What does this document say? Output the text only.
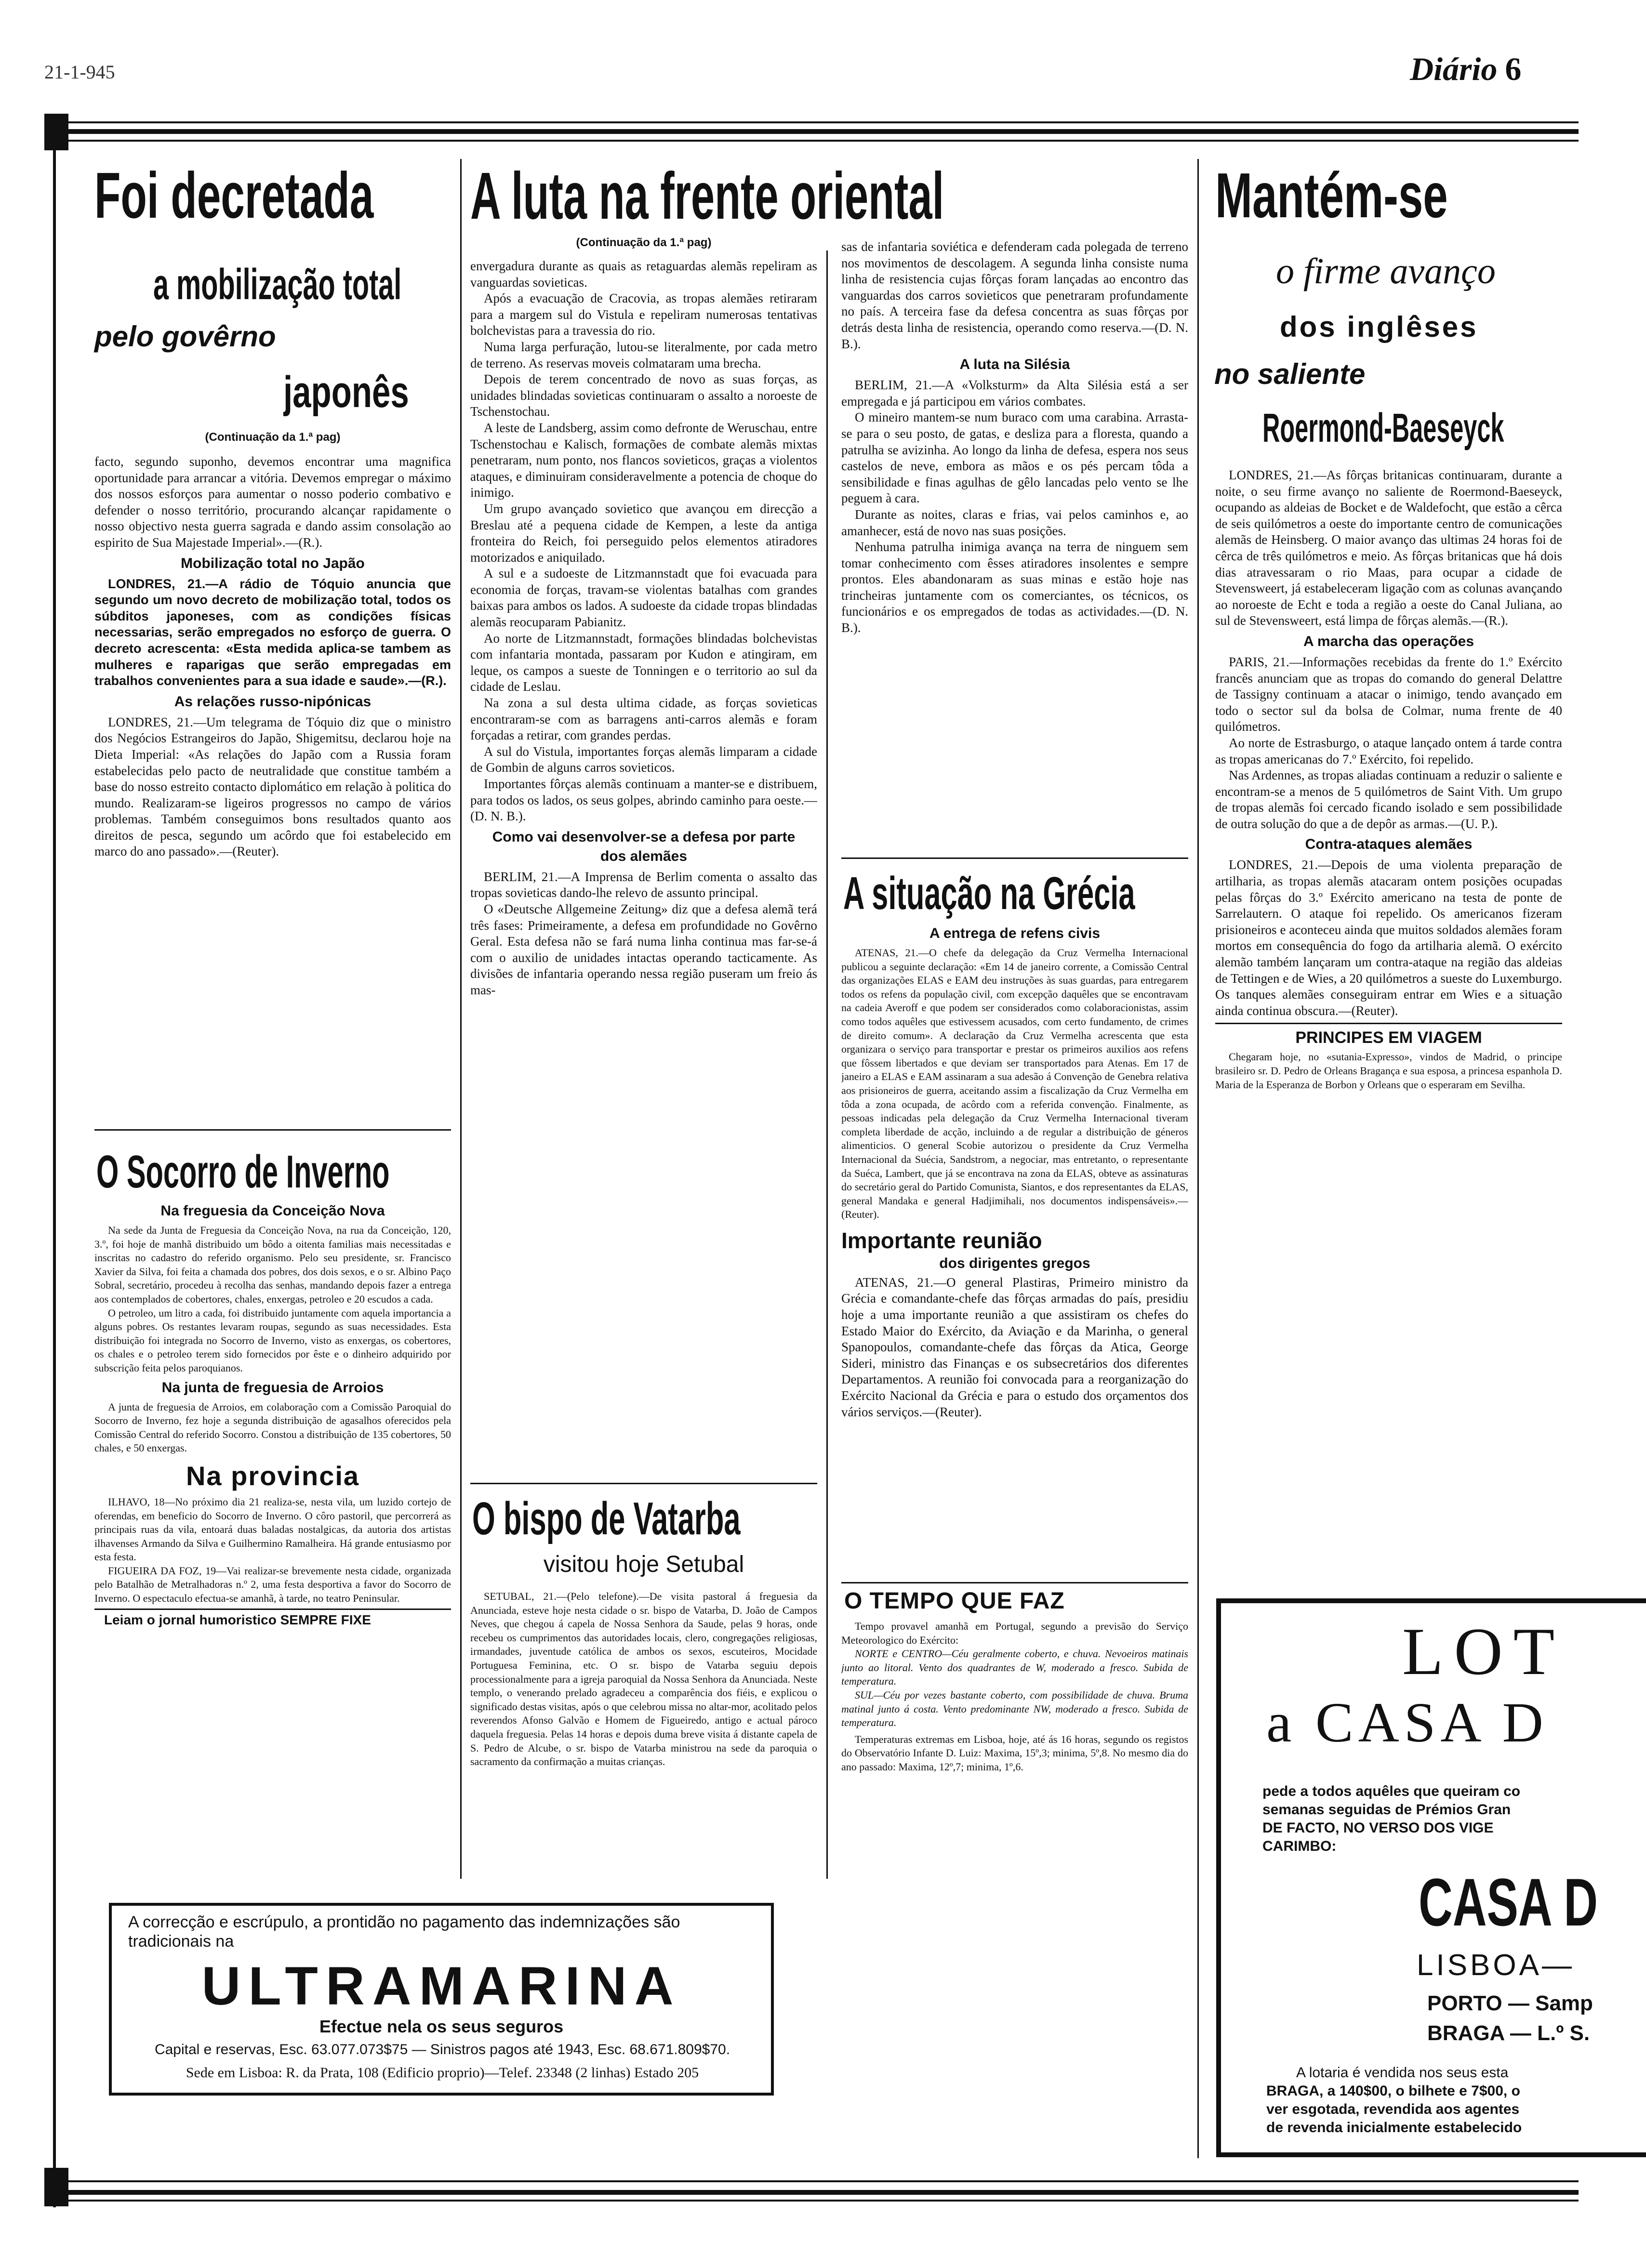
21-1-945	Diário 6
Foi decretada
a mobilização total
pelo govêrno
japonês
(Continuação da 1.ª pag)

facto, segundo suponho, devemos encontrar uma magnifica oportunidade para arrancar a vitória. Devemos empregar o máximo dos nossos esforços para aumentar o nosso poderio combativo e defender o nosso território, procurando alcançar rapidamente o nosso objectivo nesta guerra sagrada e dando assim consolação ao espirito de Sua Majestade Imperial».—(R.).

Mobilização total no Japão

LONDRES, 21.—A rádio de Tóquio anuncia que segundo um novo decreto de mobilização total, todos os súbditos japoneses, com as condições físicas necessarias, serão empregados no esforço de guerra. O decreto acrescenta: «Esta medida aplica-se tambem as mulheres e raparigas que serão empregadas em trabalhos convenientes para a sua idade e saude».—(R.).

As relações russo-nipónicas

LONDRES, 21.—Um telegrama de Tóquio diz que o ministro dos Negócios Estrangeiros do Japão, Shigemitsu, declarou hoje na Dieta Imperial: «As relações do Japão com a Russia foram estabelecidas pelo pacto de neutralidade que constitue também a base do nosso estreito contacto diplomático em relação à politica do mundo. Realizaram-se ligeiros progressos no campo de vários problemas. Também conseguimos bons resultados quanto aos direitos de pesca, segundo um acôrdo que foi estabelecido em marco do ano passado».—(Reuter).

O Socorro de Inverno
Na freguesia da Conceição Nova

Na sede da Junta de Freguesia da Conceição Nova, na rua da Conceição, 120, 3.º, foi hoje de manhã distribuido um bôdo a oitenta familias mais necessitadas e inscritas no cadastro do referido organismo. Pelo seu presidente, sr. Francisco Xavier da Silva, foi feita a chamada dos pobres, dos dois sexos, e o sr. Albino Paço Sobral, secretário, procedeu à recolha das senhas, mandando depois fazer a entrega aos contemplados de cobertores, chales, enxergas, petroleo e 20 escudos a cada.

O petroleo, um litro a cada, foi distribuido juntamente com aquela importancia a alguns pobres. Os restantes levaram roupas, segundo as suas necessidades. Esta distribuição foi integrada no Socorro de Inverno, visto as enxergas, os cobertores, os chales e o petroleo terem sido fornecidos por êste e o dinheiro adquirido por subscrição feita pelos paroquianos.

Na junta de freguesia de Arroios

A junta de freguesia de Arroios, em colaboração com a Comissão Paroquial do Socorro de Inverno, fez hoje a segunda distribuição de agasalhos oferecidos pela Comissão Central do referido Socorro. Constou a distribuição de 135 cobertores, 50 chales, e 50 enxergas.

Na provincia

ILHAVO, 18—No próximo dia 21 realiza-se, nesta vila, um luzido cortejo de oferendas, em beneficio do Socorro de Inverno. O côro pastoril, que percorrerá as principais ruas da vila, entoará duas baladas nostalgicas, da autoria dos artistas ilhavenses Armando da Silva e Guilhermino Ramalheira. Há grande entusiasmo por esta festa.

FIGUEIRA DA FOZ, 19—Vai realizar-se brevemente nesta cidade, organizada pelo Batalhão de Metralhadoras n.º 2, uma festa desportiva a favor do Socorro de Inverno. O espectaculo efectua-se amanhã, à tarde, no teatro Peninsular.

Leiam o jornal humoristico SEMPRE FIXE
A luta na frente oriental
(Continuação da 1.ª pag)

envergadura durante as quais as retaguardas alemãs repeliram as vanguardas sovieticas.

Após a evacuação de Cracovia, as tropas alemães retiraram para a margem sul do Vistula e repeliram numerosas tentativas bolchevistas para a travessia do rio.

Numa larga perfuração, lutou-se literalmente, por cada metro de terreno. As reservas moveis colmataram uma brecha.

Depois de terem concentrado de novo as suas forças, as unidades blindadas sovieticas continuaram o assalto a noroeste de Tschenstochau.

A leste de Landsberg, assim como defronte de Weruschau, entre Tschenstochau e Kalisch, formações de combate alemãs mixtas penetraram, num ponto, nos flancos sovieticos, graças a violentos ataques, e diminuiram consideravelmente a potencia de choque do inimigo.

Um grupo avançado sovietico que avançou em direcção a Breslau até a pequena cidade de Kempen, a leste da antiga fronteira do Reich, foi perseguido pelos elementos atiradores motorizados e aniquilado.

A sul e a sudoeste de Litzmannstadt que foi evacuada para economia de forças, travam-se violentas batalhas com grandes baixas para ambos os lados. A sudoeste da cidade tropas blindadas alemãs reocuparam Pabianitz.

Ao norte de Litzmannstadt, formações blindadas bolchevistas com infantaria montada, passaram por Kudon e atingiram, em leque, os campos a sueste de Tonningen e o territorio ao sul da cidade de Leslau.

Na zona a sul desta ultima cidade, as forças sovieticas encontraram-se com as barragens anti-carros alemãs e foram forçadas a retirar, com grandes perdas.

A sul do Vistula, importantes forças alemãs limparam a cidade de Gombin de alguns carros sovieticos.

Importantes fôrças alemãs continuam a manter-se e distribuem, para todos os lados, os seus golpes, abrindo caminho para oeste.—(D. N. B.).

Como vai desenvolver-se a defesa por parte dos alemães

BERLIM, 21.—A Imprensa de Berlim comenta o assalto das tropas sovieticas dando-lhe relevo de assunto principal.

O «Deutsche Allgemeine Zeitung» diz que a defesa alemã terá três fases: Primeiramente, a defesa em profundidade no Govêrno Geral. Esta defesa não se fará numa linha continua mas far-se-á com o auxilio de unidades intactas operando tacticamente. As divisões de infantaria operando nessa região puseram um freio ás mas-

sas de infantaria soviética e defenderam cada polegada de terreno nos movimentos de descolagem. A segunda linha consiste numa linha de resistencia cujas fôrças foram lançadas ao encontro das vanguardas dos carros sovieticos que penetraram profundamente no país. A terceira fase da defesa concentra as suas fôrças por detrás desta linha de resistencia, operando como reserva.—(D. N. B.).

A luta na Silésia

BERLIM, 21.—A «Volksturm» da Alta Silésia está a ser empregada e já participou em vários combates.

O mineiro mantem-se num buraco com uma carabina. Arrasta-se para o seu posto, de gatas, e desliza para a floresta, quando a patrulha se avizinha. Ao longo da linha de defesa, espera nos seus castelos de neve, embora as mãos e os pés percam tôda a sensibilidade e finas agulhas de gêlo lancadas pelo vento se lhe peguem à cara.

Durante as noites, claras e frias, vai pelos caminhos e, ao amanhecer, está de novo nas suas posições.

Nenhuma patrulha inimiga avança na terra de ninguem sem tomar conhecimento com êsses atiradores insolentes e sempre prontos. Eles abandonaram as suas minas e estão hoje nas trincheiras juntamente com os comerciantes, os técnicos, os funcionários e os empregados de todas as actividades.—(D. N. B.).

A situação na Grécia
A entrega de refens civis

ATENAS, 21.—O chefe da delegação da Cruz Vermelha Internacional publicou a seguinte declaração: «Em 14 de janeiro corrente, a Comissão Central das organizações ELAS e EAM deu instruções às suas guardas, para entregarem todos os refens da população civil, com excepção daquêles que se encontravam na cadeia Averoff e que podem ser considerados como colaboracionistas, assim como todos aquêles que estivessem acusados, com certo fundamento, de crimes de direito comum». A declaração da Cruz Vermelha acrescenta que esta organizara o serviço para transportar e prestar os primeiros auxilios aos refens que fôssem libertados e que deviam ser transportados para Atenas. Em 17 de janeiro a ELAS e EAM assinaram a sua adesão á Convenção de Genebra relativa aos prisioneiros de guerra, aceitando assim a fiscalização da Cruz Vermelha em tôda a zona ocupada, de acôrdo com a referida convenção. Finalmente, as pessoas indicadas pela delegação da Cruz Vermelha Internacional tiveram completa liberdade de acção, incluindo a de regular a distribuição de géneros alimenticios. O general Scobie autorizou o presidente da Cruz Vermelha Internacional da Suécia, Sandstrom, a negociar, mas entretanto, o representante da Suéca, Lambert, que já se encontrava na zona da ELAS, obteve as assinaturas do secretário geral do Partido Comunista, Siantos, e dos representantes da ELAS, general Mandaka e general Hadjimihali, nos documentos indispensáveis».—(Reuter).

Importante reunião
dos dirigentes gregos

ATENAS, 21.—O general Plastiras, Primeiro ministro da Grécia e comandante-chefe das fôrças armadas do país, presidiu hoje a uma importante reunião a que assistiram os chefes do Estado Maior do Exército, da Aviação e da Marinha, o general Spanopoulos, comandante-chefe das fôrças da Atica, George Sideri, ministro das Finanças e os subsecretários dos diferentes Departamentos. A reunião foi convocada para a reorganização do Exército Nacional da Grécia e para o estudo dos orçamentos dos vários serviços.—(Reuter).

O TEMPO QUE FAZ

Tempo provavel amanhã em Portugal, segundo a previsão do Serviço Meteorologico do Exército:

NORTE e CENTRO—Céu geralmente coberto, e chuva. Nevoeiros matinais junto ao litoral. Vento dos quadrantes de W, moderado a fresco. Subida de temperatura.

SUL—Céu por vezes bastante coberto, com possibilidade de chuva. Bruma matinal junto á costa. Vento predominante NW, moderado a fresco. Subida de temperatura.

Temperaturas extremas em Lisboa, hoje, até ás 16 horas, segundo os registos do Observatório Infante D. Luiz: Maxima, 15º,3; minima, 5º,8. No mesmo dia do ano passado: Maxima, 12º,7; minima, 1º,6.

O bispo de Vatarba
visitou hoje Setubal

SETUBAL, 21.—(Pelo telefone).—De visita pastoral á freguesia da Anunciada, esteve hoje nesta cidade o sr. bispo de Vatarba, D. João de Campos Neves, que chegou á capela de Nossa Senhora da Saude, pelas 9 horas, onde recebeu os cumprimentos das autoridades locais, clero, congregações religiosas, irmandades, juventude católica de ambos os sexos, escuteiros, Mocidade Portuguesa Feminina, etc. O sr. bispo de Vatarba seguiu depois processionalmente para a igreja paroquial da Nossa Senhora da Anunciada. Neste templo, o venerando prelado agradeceu a comparência dos fiéis, e explicou o significado destas visitas, após o que celebrou missa no altar-mor, acolitado pelos reverendos Afonso Galvão e Homem de Figueiredo, antigo e actual pároco daquela freguesia. Pelas 14 horas e depois duma breve visita á distante capela de S. Pedro de Alcube, o sr. bispo de Vatarba ministrou na sede da paroquia o sacramento da confirmação a muitas crianças.

Mantém-se
o firme avanço
dos inglêses
no saliente
Roermond-Baeseyck

LONDRES, 21.—As fôrças britanicas continuaram, durante a noite, o seu firme avanço no saliente de Roermond-Baeseyck, ocupando as aldeias de Bocket e de Waldefocht, que estão a cêrca de seis quilómetros a oeste do importante centro de comunicações alemãs de Heinsberg. O maior avanço das ultimas 24 horas foi de cêrca de três quilómetros e meio. As fôrças britanicas que há dois dias atravessaram o rio Maas, para ocupar a cidade de Stevensweert, já estabeleceram ligação com as colunas avançando ao noroeste de Echt e toda a região a oeste do Canal Juliana, ao sul de Stevensweert, está limpa de fôrças alemãs.—(R.).

A marcha das operações

PARIS, 21.—Informações recebidas da frente do 1.º Exército francês anunciam que as tropas do comando do general Delattre de Tassigny continuam a atacar o inimigo, tendo avançado em todo o sector sul da bolsa de Colmar, numa frente de 40 quilómetros.

Ao norte de Estrasburgo, o ataque lançado ontem á tarde contra as tropas americanas do 7.º Exército, foi repelido.

Nas Ardennes, as tropas aliadas continuam a reduzir o saliente e encontram-se a menos de 5 quilómetros de Saint Vith. Um grupo de tropas alemãs foi cercado ficando isolado e sem possibilidade de outra solução do que a de depôr as armas.—(U. P.).

Contra-ataques alemães

LONDRES, 21.—Depois de uma violenta preparação de artilharia, as tropas alemãs atacaram ontem posições ocupadas pelas fôrças do 3.º Exército americano na testa de ponte de Sarrelautern. O ataque foi repelido. Os americanos fizeram prisioneiros e aconteceu ainda que muitos soldados alemães foram mortos em consequência do fogo da artilharia alemã. O exército alemão também lançaram um contra-ataque na região das aldeias de Tettingen e de Wies, a 20 quilómetros a sueste do Luxemburgo. Os tanques alemães conseguiram entrar em Wies e a situação ainda continua obscura.—(Reuter).

PRINCIPES EM VIAGEM

Chegaram hoje, no «sutania-Expresso», vindos de Madrid, o principe brasileiro sr. D. Pedro de Orleans Bragança e sua esposa, a princesa espanhola D. Maria de la Esperanza de Borbon y Orleans que o esperaram em Sevilha.

LOT
a CASA D
pede a todos aquêles que queiram co
semanas seguidas de Prémios Gran
DE FACTO, NO VERSO DOS VIGE
CARIMBO:
CASA D
LISBOA—
PORTO — Samp
BRAGA — L.º S.
A lotaria é vendida nos seus esta
BRAGA, a 140$00, o bilhete e 7$00, o
ver esgotada, revendida aos agentes
de revenda inicialmente estabelecido
A correcção e escrúpulo, a prontidão no pagamento das indemnizações são tradicionais na
ULTRAMARINA
Efectue nela os seus seguros
Capital e reservas, Esc. 63.077.073$75 — Sinistros pagos até 1943, Esc. 68.671.809$70.
Sede em Lisboa: R. da Prata, 108 (Edificio proprio)—Telef. 23348 (2 linhas) Estado 205
